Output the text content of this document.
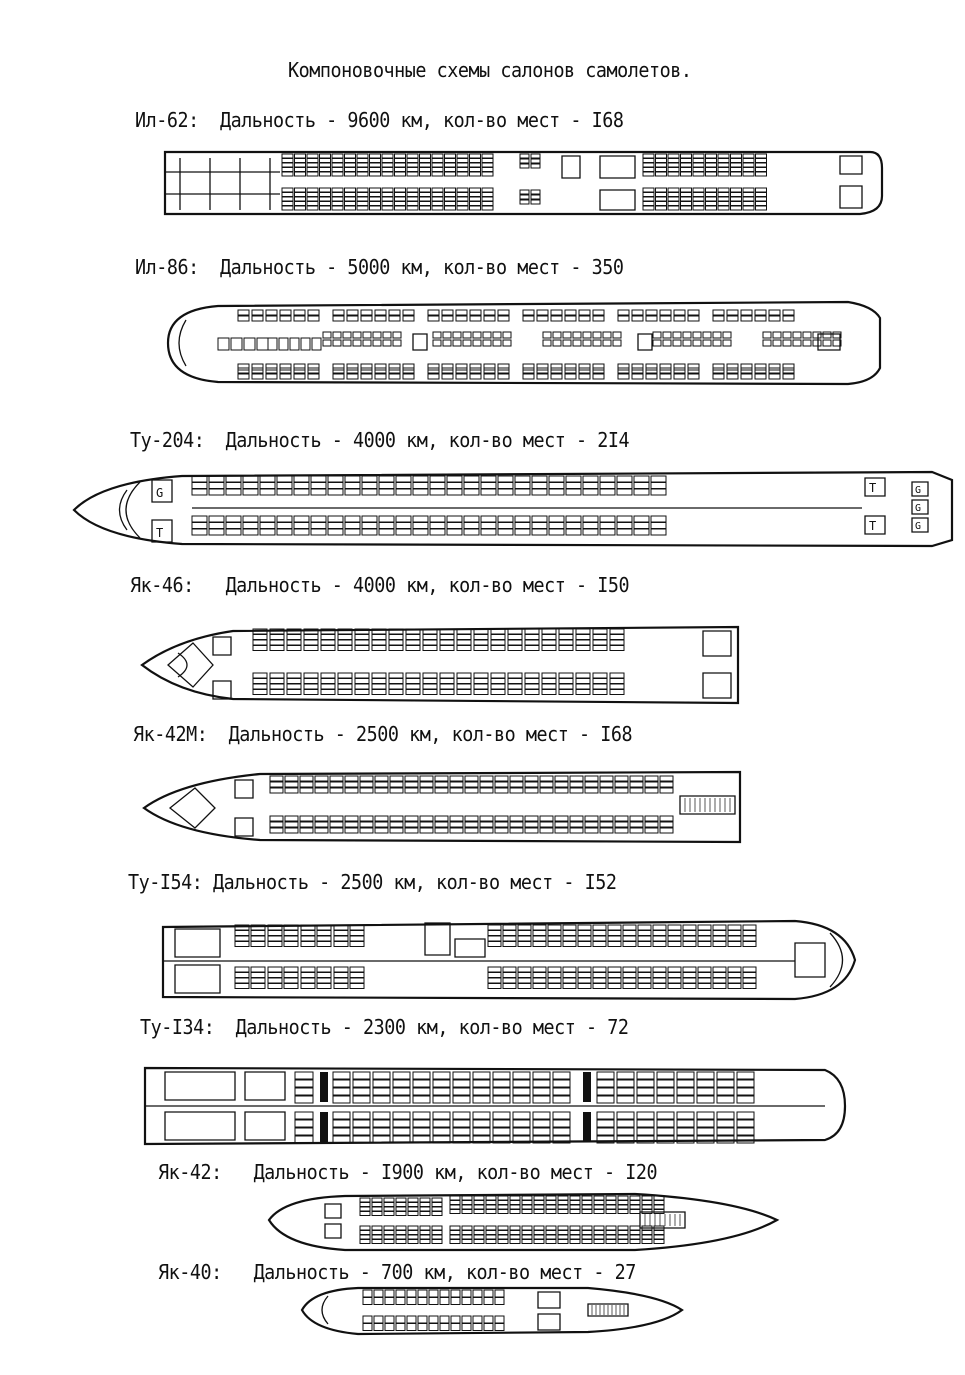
Компоновочные схемы салонов самолетов.
Ил-62: Дальность - 9600 км, кол-во мест - I68
Ил-86: Дальность - 5000 км, кол-во мест - 350
Ту-204: Дальность - 4000 км, кол-во мест - 2I4
Як-46: Дальность - 4000 км, кол-во мест - I50
Як-42М: Дальность - 2500 км, кол-во мест - I68
Ту-I54: Дальность - 2500 км, кол-во мест - I52
Ту-I34: Дальность - 2300 км, кол-во мест - 72
Як-42: Дальность - I900 км, кол-во мест - I20
Як-40: Дальность - 700 км, кол-во мест - 27
G
T
T
T
G
G
G
